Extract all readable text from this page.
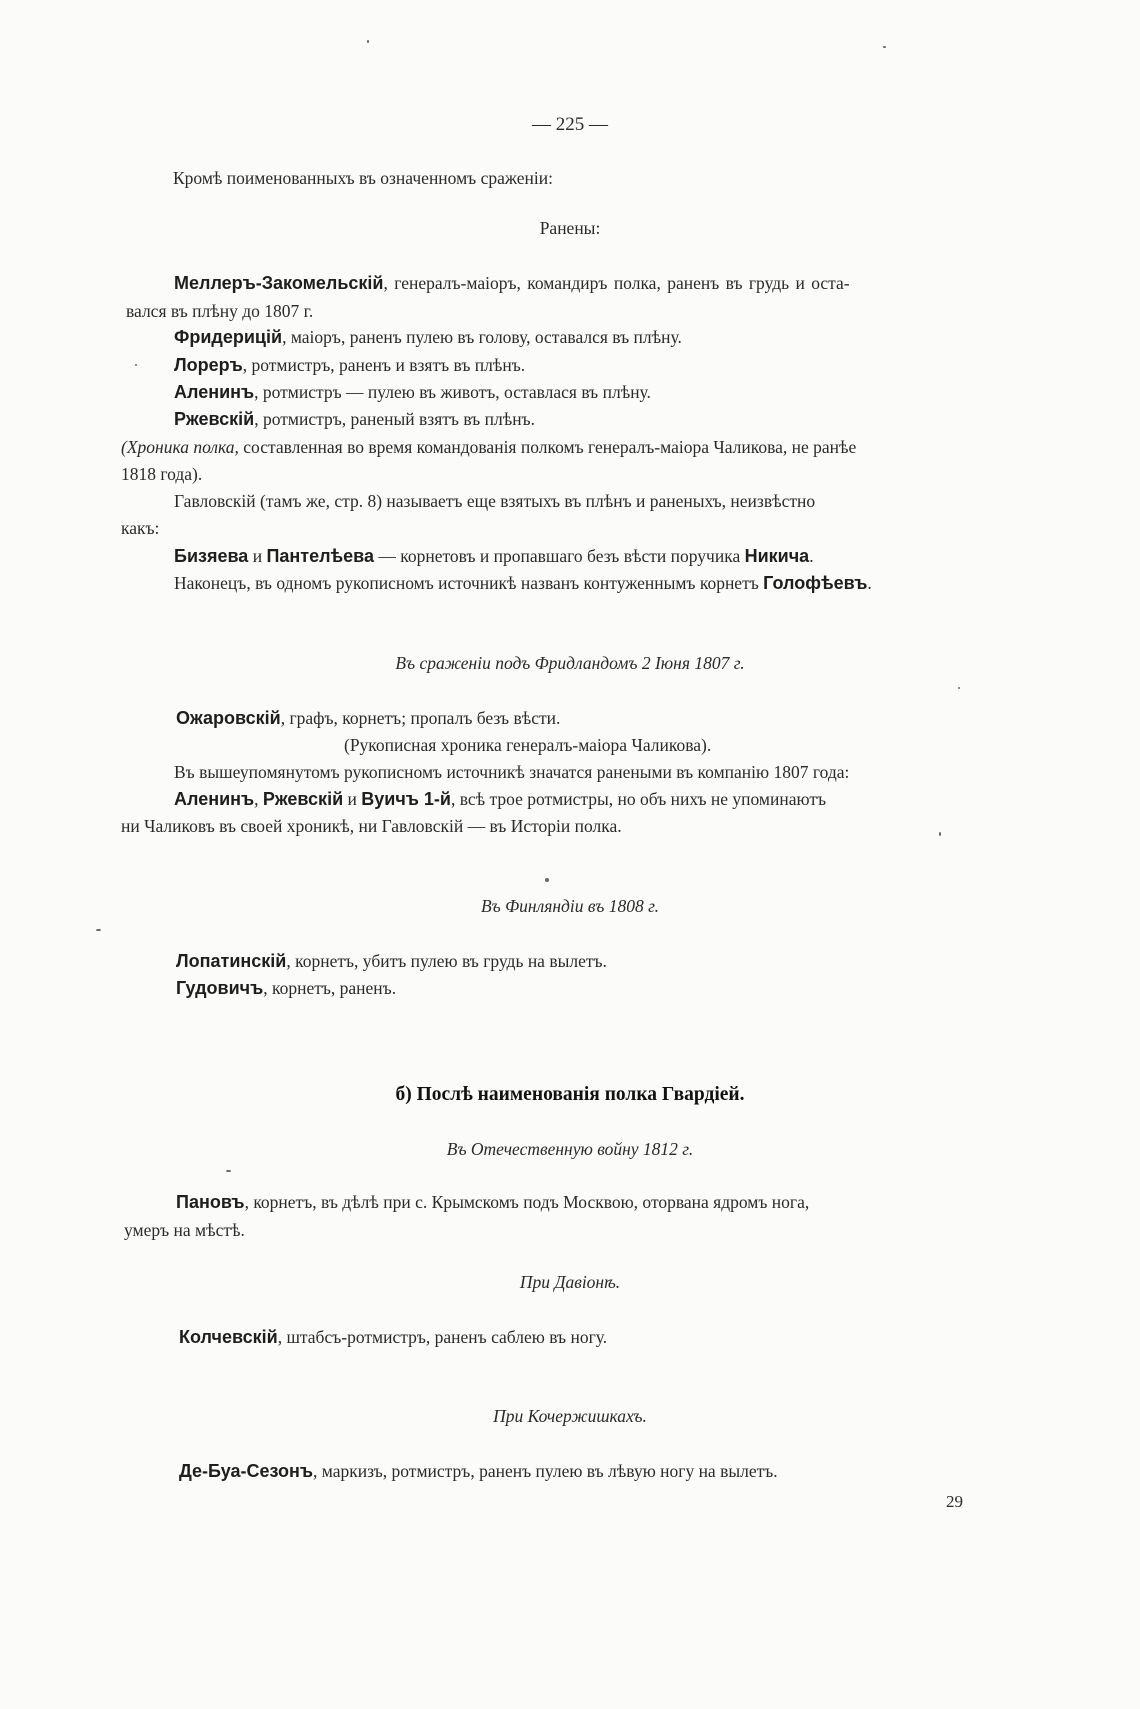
— 225 —
Кромѣ поименованныхъ въ означенномъ сраженіи:
Ранены:
Меллеръ-Закомельскій, генералъ-маіоръ, командиръ полка, раненъ въ грудь и оста-
вался въ плѣну до 1807 г.
Фридерицій, маіоръ, раненъ пулею въ голову, оставался въ плѣну.
Лореръ, ротмистръ, раненъ и взятъ въ плѣнъ.
Аленинъ, ротмистръ — пулею въ животъ, оставлася въ плѣну.
Ржевскій, ротмистръ, раненый взятъ въ плѣнъ.
(Хроника полка, составленная во время командованія полкомъ генералъ-маіора Чаликова, не ранѣе
1818 года).
Гавловскій (тамъ же, стр. 8) называетъ еще взятыхъ въ плѣнъ и раненыхъ, неизвѣстно
какъ:
Бизяева и Пантелѣева — корнетовъ и пропавшаго безъ вѣсти поручика Никича.
Наконецъ, въ одномъ рукописномъ источникѣ названъ контуженнымъ корнетъ Голофѣевъ.
Въ сраженіи подъ Фридландомъ 2 Іюня 1807 г.
Ожаровскій, графъ, корнетъ; пропалъ безъ вѣсти.
(Рукописная хроника генералъ-маіора Чаликова).
Въ вышеупомянутомъ рукописномъ источникѣ значатся ранеными въ компанію 1807 года:
Аленинъ, Ржевскій и Вуичъ 1-й, всѣ трое ротмистры, но объ нихъ не упоминаютъ
ни Чаликовъ въ своей хроникѣ, ни Гавловскій — въ Исторіи полка.
Въ Финляндіи въ 1808 г.
Лопатинскій, корнетъ, убитъ пулею въ грудь на вылетъ.
Гудовичъ, корнетъ, раненъ.
б) Послѣ наименованія полка Гвардіей.
Въ Отечественную войну 1812 г.
Пановъ, корнетъ, въ дѣлѣ при с. Крымскомъ подъ Москвою, оторвана ядромъ нога,
умеръ на мѣстѣ.
При Давіонѣ.
Колчевскій, штабсъ-ротмистръ, раненъ саблею въ ногу.
При Кочержишкахъ.
Де-Буа-Сезонъ, маркизъ, ротмистръ, раненъ пулею въ лѣвую ногу на вылетъ.
29
